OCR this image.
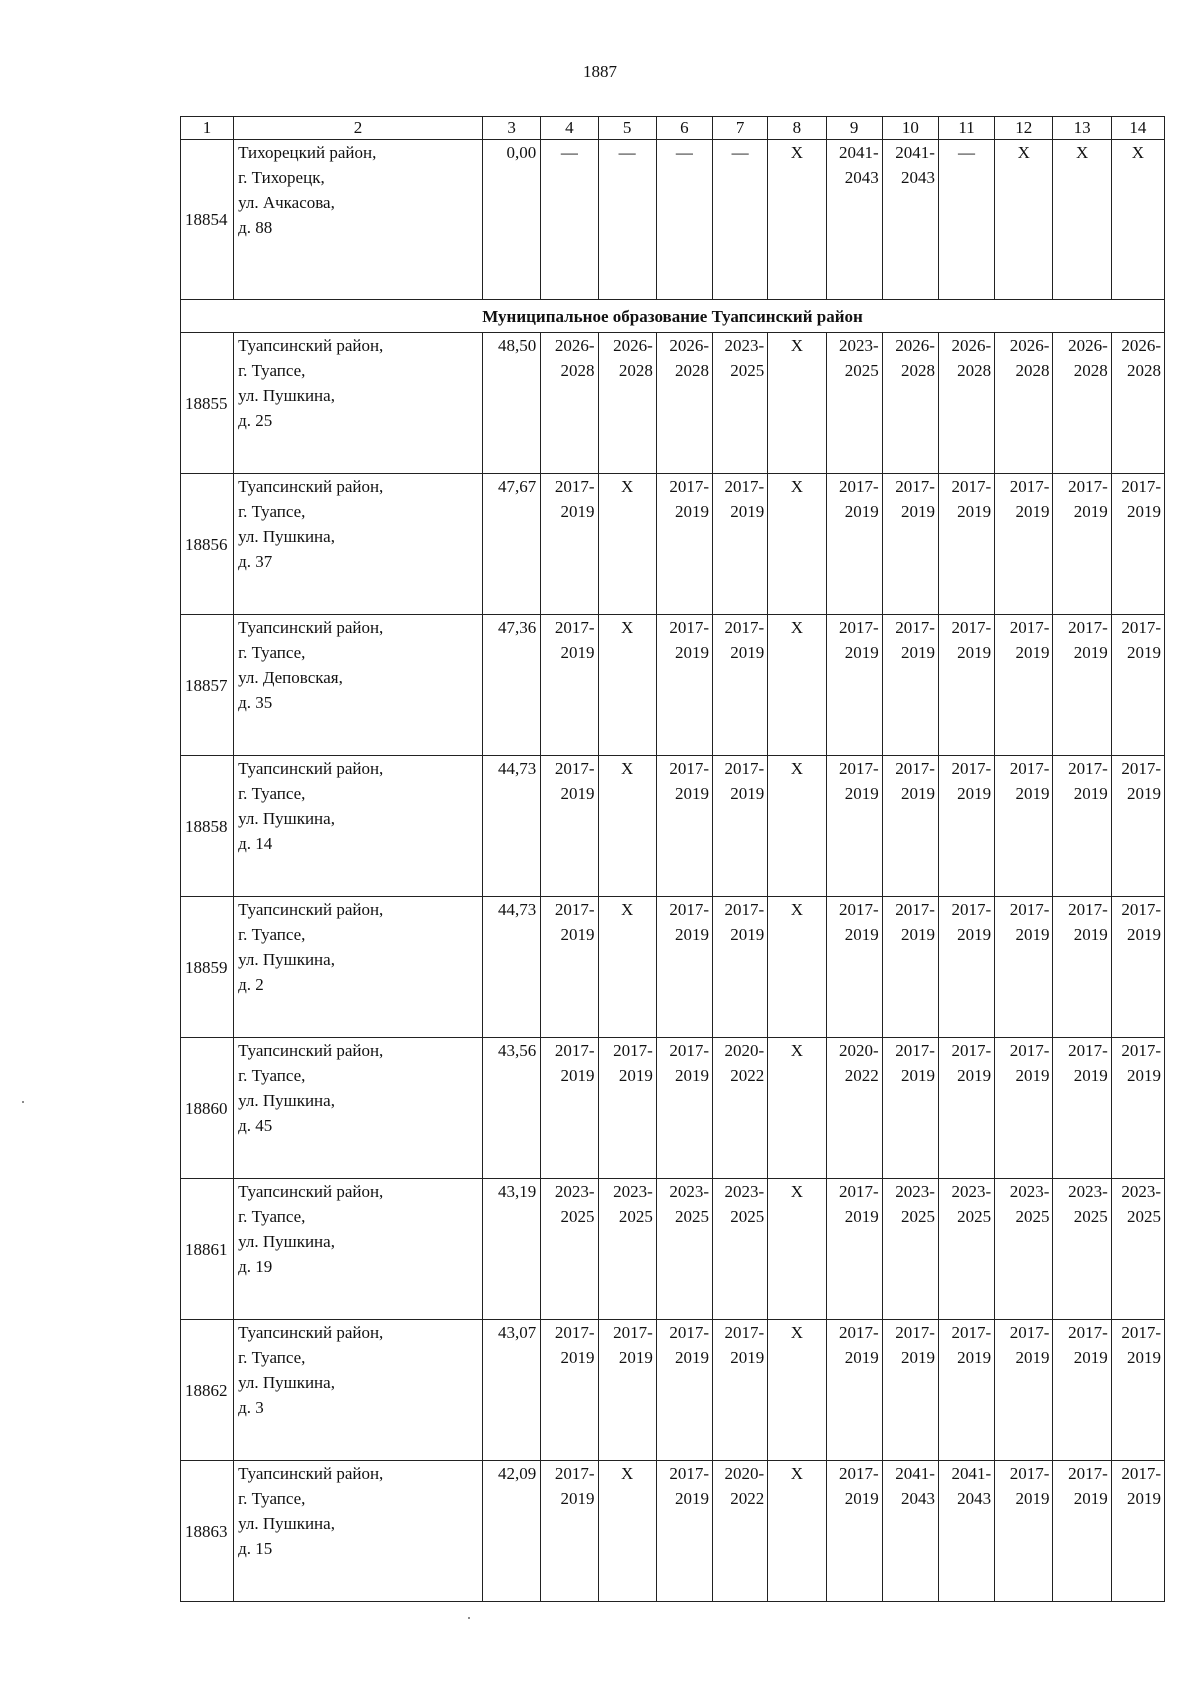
1887
1	2	3	4	5	6	7	8	9	10	11	12	13	14
18854	Тихорецкий район,
г. Тихорецк,
ул. Ачкасова,
д. 88	0,00	—	—	—	—	X	2041-
2043	2041-
2043	—	X	X	X
Муниципальное образование Туапсинский район													
18855	Туапсинский район,
г. Туапсе,
ул. Пушкина,
д. 25	48,50	2026-
2028	2026-
2028	2026-
2028	2023-
2025	X	2023-
2025	2026-
2028	2026-
2028	2026-
2028	2026-
2028	2026-
2028
18856	Туапсинский район,
г. Туапсе,
ул. Пушкина,
д. 37	47,67	2017-
2019	X	2017-
2019	2017-
2019	X	2017-
2019	2017-
2019	2017-
2019	2017-
2019	2017-
2019	2017-
2019
18857	Туапсинский район,
г. Туапсе,
ул. Деповская,
д. 35	47,36	2017-
2019	X	2017-
2019	2017-
2019	X	2017-
2019	2017-
2019	2017-
2019	2017-
2019	2017-
2019	2017-
2019
18858	Туапсинский район,
г. Туапсе,
ул. Пушкина,
д. 14	44,73	2017-
2019	X	2017-
2019	2017-
2019	X	2017-
2019	2017-
2019	2017-
2019	2017-
2019	2017-
2019	2017-
2019
18859	Туапсинский район,
г. Туапсе,
ул. Пушкина,
д. 2	44,73	2017-
2019	X	2017-
2019	2017-
2019	X	2017-
2019	2017-
2019	2017-
2019	2017-
2019	2017-
2019	2017-
2019
18860	Туапсинский район,
г. Туапсе,
ул. Пушкина,
д. 45	43,56	2017-
2019	2017-
2019	2017-
2019	2020-
2022	X	2020-
2022	2017-
2019	2017-
2019	2017-
2019	2017-
2019	2017-
2019
18861	Туапсинский район,
г. Туапсе,
ул. Пушкина,
д. 19	43,19	2023-
2025	2023-
2025	2023-
2025	2023-
2025	X	2017-
2019	2023-
2025	2023-
2025	2023-
2025	2023-
2025	2023-
2025
18862	Туапсинский район,
г. Туапсе,
ул. Пушкина,
д. 3	43,07	2017-
2019	2017-
2019	2017-
2019	2017-
2019	X	2017-
2019	2017-
2019	2017-
2019	2017-
2019	2017-
2019	2017-
2019
18863	Туапсинский район,
г. Туапсе,
ул. Пушкина,
д. 15	42,09	2017-
2019	X	2017-
2019	2020-
2022	X	2017-
2019	2041-
2043	2041-
2043	2017-
2019	2017-
2019	2017-
2019
